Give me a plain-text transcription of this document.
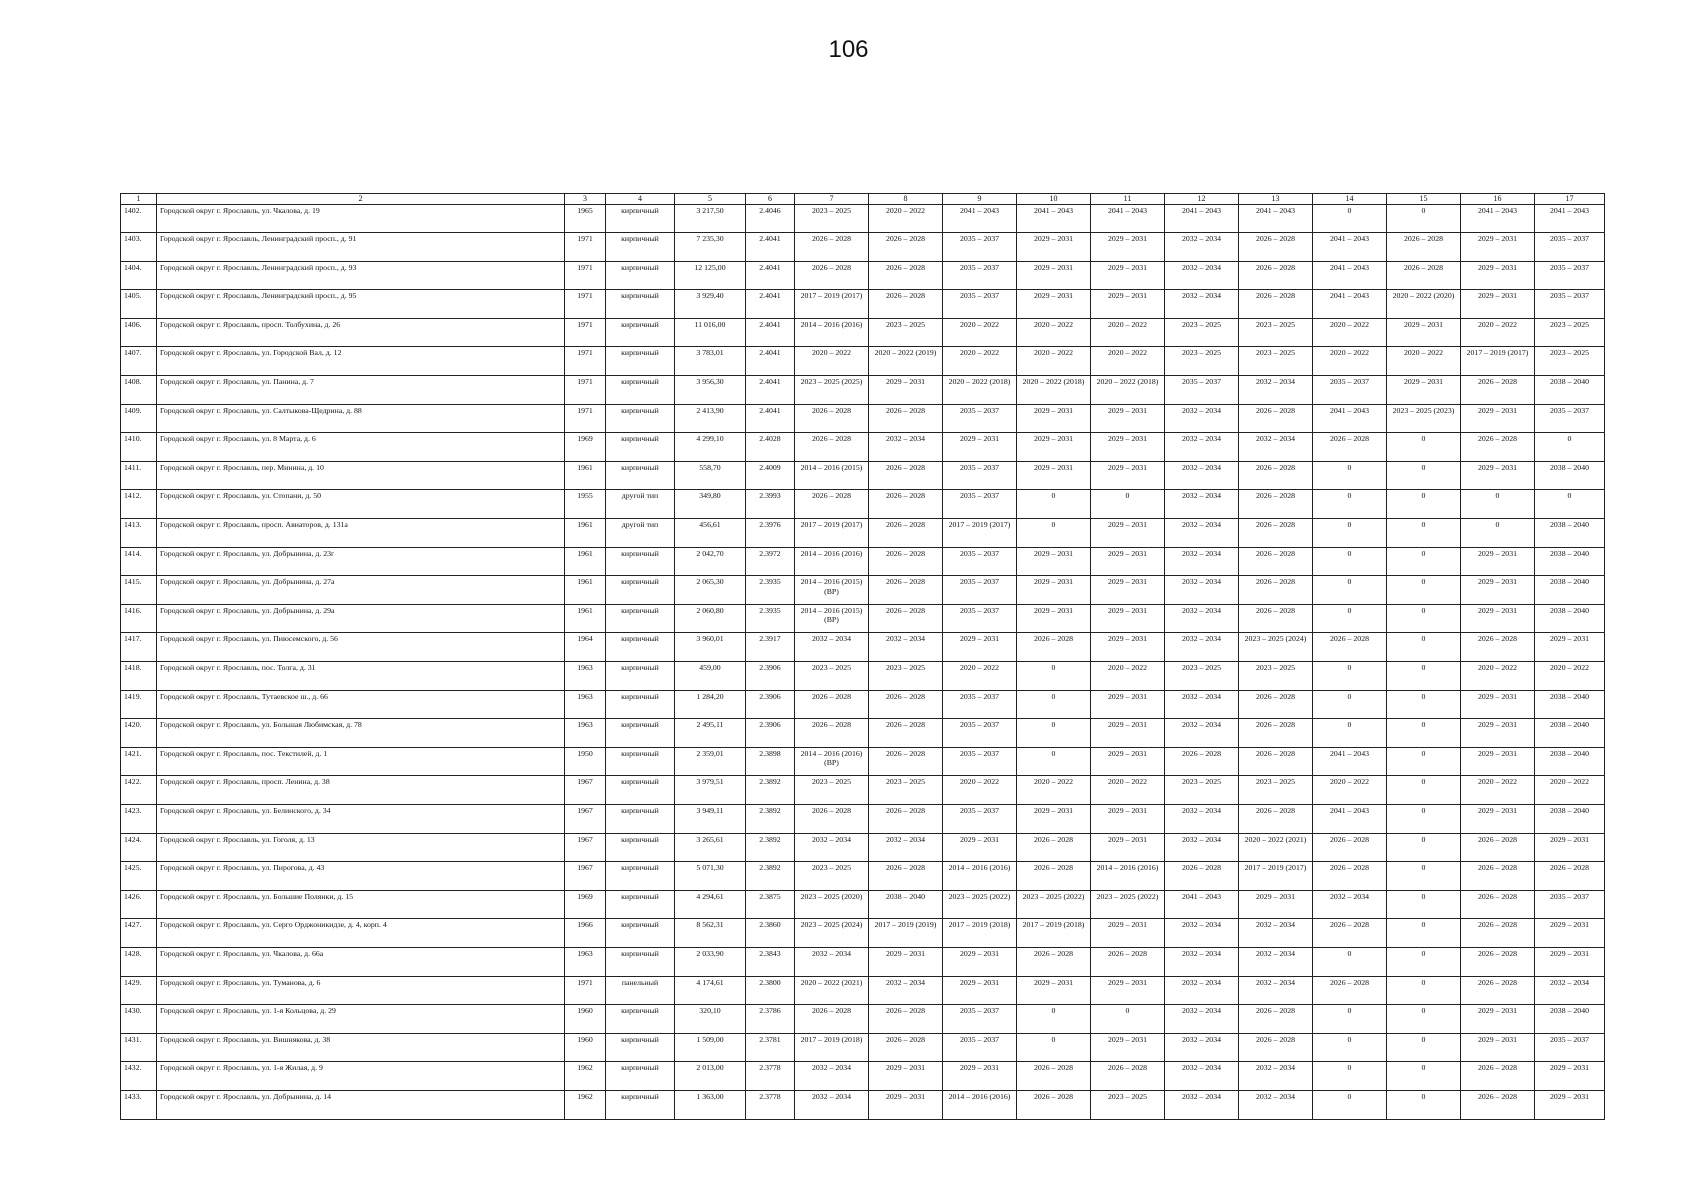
106
1	2	3	4	5	6	7	8	9	10	11	12	13	14	15	16	17
1402.	Городской округ г. Ярославль, ул. Чкалова, д. 19	1965	кирпичный	3 217,50	2.4046	2023 – 2025	2020 – 2022	2041 – 2043	2041 – 2043	2041 – 2043	2041 – 2043	2041 – 2043	0	0	2041 – 2043	2041 – 2043
1403.	Городской округ г. Ярославль, Ленинградский просп., д. 91	1971	кирпичный	7 235,30	2.4041	2026 – 2028	2026 – 2028	2035 – 2037	2029 – 2031	2029 – 2031	2032 – 2034	2026 – 2028	2041 – 2043	2026 – 2028	2029 – 2031	2035 – 2037
1404.	Городской округ г. Ярославль, Ленинградский просп., д. 93	1971	кирпичный	12 125,00	2.4041	2026 – 2028	2026 – 2028	2035 – 2037	2029 – 2031	2029 – 2031	2032 – 2034	2026 – 2028	2041 – 2043	2026 – 2028	2029 – 2031	2035 – 2037
1405.	Городской округ г. Ярославль, Ленинградский просп., д. 95	1971	кирпичный	3 929,40	2.4041	2017 – 2019 (2017)	2026 – 2028	2035 – 2037	2029 – 2031	2029 – 2031	2032 – 2034	2026 – 2028	2041 – 2043	2020 – 2022 (2020)	2029 – 2031	2035 – 2037
1406.	Городской округ г. Ярославль, просп. Толбухина, д. 26	1971	кирпичный	11 016,00	2.4041	2014 – 2016 (2016)	2023 – 2025	2020 – 2022	2020 – 2022	2020 – 2022	2023 – 2025	2023 – 2025	2020 – 2022	2029 – 2031	2020 – 2022	2023 – 2025
1407.	Городской округ г. Ярославль, ул. Городской Вал, д. 12	1971	кирпичный	3 783,01	2.4041	2020 – 2022	2020 – 2022 (2019)	2020 – 2022	2020 – 2022	2020 – 2022	2023 – 2025	2023 – 2025	2020 – 2022	2020 – 2022	2017 – 2019 (2017)	2023 – 2025
1408.	Городской округ г. Ярославль, ул. Панина, д. 7	1971	кирпичный	3 956,30	2.4041	2023 – 2025 (2025)	2029 – 2031	2020 – 2022 (2018)	2020 – 2022 (2018)	2020 – 2022 (2018)	2035 – 2037	2032 – 2034	2035 – 2037	2029 – 2031	2026 – 2028	2038 – 2040
1409.	Городской округ г. Ярославль, ул. Салтыкова-Щедрина, д. 88	1971	кирпичный	2 413,90	2.4041	2026 – 2028	2026 – 2028	2035 – 2037	2029 – 2031	2029 – 2031	2032 – 2034	2026 – 2028	2041 – 2043	2023 – 2025 (2023)	2029 – 2031	2035 – 2037
1410.	Городской округ г. Ярославль, ул. 8 Марта, д. 6	1969	кирпичный	4 299,10	2.4028	2026 – 2028	2032 – 2034	2029 – 2031	2029 – 2031	2029 – 2031	2032 – 2034	2032 – 2034	2026 – 2028	0	2026 – 2028	0
1411.	Городской округ г. Ярославль, пер. Минина, д. 10	1961	кирпичный	558,70	2.4009	2014 – 2016 (2015)	2026 – 2028	2035 – 2037	2029 – 2031	2029 – 2031	2032 – 2034	2026 – 2028	0	0	2029 – 2031	2038 – 2040
1412.	Городской округ г. Ярославль, ул. Стопани, д. 50	1955	другой тип	349,80	2.3993	2026 – 2028	2026 – 2028	2035 – 2037	0	0	2032 – 2034	2026 – 2028	0	0	0	0
1413.	Городской округ г. Ярославль, просп. Авиаторов, д. 131а	1961	другой тип	456,61	2.3976	2017 – 2019 (2017)	2026 – 2028	2017 – 2019 (2017)	0	2029 – 2031	2032 – 2034	2026 – 2028	0	0	0	2038 – 2040
1414.	Городской округ г. Ярославль, ул. Добрынина, д. 23г	1961	кирпичный	2 042,70	2.3972	2014 – 2016 (2016)	2026 – 2028	2035 – 2037	2029 – 2031	2029 – 2031	2032 – 2034	2026 – 2028	0	0	2029 – 2031	2038 – 2040
1415.	Городской округ г. Ярославль, ул. Добрынина, д. 27а	1961	кирпичный	2 065,30	2.3935	2014 – 2016 (2015) (ВР)	2026 – 2028	2035 – 2037	2029 – 2031	2029 – 2031	2032 – 2034	2026 – 2028	0	0	2029 – 2031	2038 – 2040
1416.	Городской округ г. Ярославль, ул. Добрынина, д. 29а	1961	кирпичный	2 060,80	2.3935	2014 – 2016 (2015) (ВР)	2026 – 2028	2035 – 2037	2029 – 2031	2029 – 2031	2032 – 2034	2026 – 2028	0	0	2029 – 2031	2038 – 2040
1417.	Городской округ г. Ярославль, ул. Пиюсемского, д. 56	1964	кирпичный	3 960,01	2.3917	2032 – 2034	2032 – 2034	2029 – 2031	2026 – 2028	2029 – 2031	2032 – 2034	2023 – 2025 (2024)	2026 – 2028	0	2026 – 2028	2029 – 2031
1418.	Городской округ г. Ярославль, пос. Толга, д. 31	1963	кирпичный	459,00	2.3906	2023 – 2025	2023 – 2025	2020 – 2022	0	2020 – 2022	2023 – 2025	2023 – 2025	0	0	2020 – 2022	2020 – 2022
1419.	Городской округ г. Ярославль, Тутаевское ш., д. 66	1963	кирпичный	1 284,20	2.3906	2026 – 2028	2026 – 2028	2035 – 2037	0	2029 – 2031	2032 – 2034	2026 – 2028	0	0	2029 – 2031	2038 – 2040
1420.	Городской округ г. Ярославль, ул. Большая Любимская, д. 78	1963	кирпичный	2 495,11	2.3906	2026 – 2028	2026 – 2028	2035 – 2037	0	2029 – 2031	2032 – 2034	2026 – 2028	0	0	2029 – 2031	2038 – 2040
1421.	Городской округ г. Ярославль, пос. Текстилей, д. 1	1950	кирпичный	2 359,01	2.3898	2014 – 2016 (2016) (ВР)	2026 – 2028	2035 – 2037	0	2029 – 2031	2026 – 2028	2026 – 2028	2041 – 2043	0	2029 – 2031	2038 – 2040
1422.	Городской округ г. Ярославль, просп. Ленина, д. 38	1967	кирпичный	3 979,51	2.3892	2023 – 2025	2023 – 2025	2020 – 2022	2020 – 2022	2020 – 2022	2023 – 2025	2023 – 2025	2020 – 2022	0	2020 – 2022	2020 – 2022
1423.	Городской округ г. Ярославль, ул. Белинского, д. 34	1967	кирпичный	3 949,11	2.3892	2026 – 2028	2026 – 2028	2035 – 2037	2029 – 2031	2029 – 2031	2032 – 2034	2026 – 2028	2041 – 2043	0	2029 – 2031	2038 – 2040
1424.	Городской округ г. Ярославль, ул. Гоголя, д. 13	1967	кирпичный	3 265,61	2.3892	2032 – 2034	2032 – 2034	2029 – 2031	2026 – 2028	2029 – 2031	2032 – 2034	2020 – 2022 (2021)	2026 – 2028	0	2026 – 2028	2029 – 2031
1425.	Городской округ г. Ярославль, ул. Пирогова, д. 43	1967	кирпичный	5 071,30	2.3892	2023 – 2025	2026 – 2028	2014 – 2016 (2016)	2026 – 2028	2014 – 2016 (2016)	2026 – 2028	2017 – 2019 (2017)	2026 – 2028	0	2026 – 2028	2026 – 2028
1426.	Городской округ г. Ярославль, ул. Большие Полянки, д. 15	1969	кирпичный	4 294,61	2.3875	2023 – 2025 (2020)	2038 – 2040	2023 – 2025 (2022)	2023 – 2025 (2022)	2023 – 2025 (2022)	2041 – 2043	2029 – 2031	2032 – 2034	0	2026 – 2028	2035 – 2037
1427.	Городской округ г. Ярославль, ул. Серго Орджоникидзе, д. 4, корп. 4	1966	кирпичный	8 562,31	2.3860	2023 – 2025 (2024)	2017 – 2019 (2019)	2017 – 2019 (2018)	2017 – 2019 (2018)	2029 – 2031	2032 – 2034	2032 – 2034	2026 – 2028	0	2026 – 2028	2029 – 2031
1428.	Городской округ г. Ярославль, ул. Чкалова, д. 66а	1963	кирпичный	2 033,90	2.3843	2032 – 2034	2029 – 2031	2029 – 2031	2026 – 2028	2026 – 2028	2032 – 2034	2032 – 2034	0	0	2026 – 2028	2029 – 2031
1429.	Городской округ г. Ярославль, ул. Туманова, д. 6	1971	панельный	4 174,61	2.3800	2020 – 2022 (2021)	2032 – 2034	2029 – 2031	2029 – 2031	2029 – 2031	2032 – 2034	2032 – 2034	2026 – 2028	0	2026 – 2028	2032 – 2034
1430.	Городской округ г. Ярославль, ул. 1-я Кольцова, д. 29	1960	кирпичный	320,10	2.3786	2026 – 2028	2026 – 2028	2035 – 2037	0	0	2032 – 2034	2026 – 2028	0	0	2029 – 2031	2038 – 2040
1431.	Городской округ г. Ярославль, ул. Вишнякова, д. 38	1960	кирпичный	1 509,00	2.3781	2017 – 2019 (2018)	2026 – 2028	2035 – 2037	0	2029 – 2031	2032 – 2034	2026 – 2028	0	0	2029 – 2031	2035 – 2037
1432.	Городской округ г. Ярославль, ул. 1-я Жилая, д. 9	1962	кирпичный	2 013,00	2.3778	2032 – 2034	2029 – 2031	2029 – 2031	2026 – 2028	2026 – 2028	2032 – 2034	2032 – 2034	0	0	2026 – 2028	2029 – 2031
1433.	Городской округ г. Ярославль, ул. Добрынина, д. 14	1962	кирпичный	1 363,00	2.3778	2032 – 2034	2029 – 2031	2014 – 2016 (2016)	2026 – 2028	2023 – 2025	2032 – 2034	2032 – 2034	0	0	2026 – 2028	2029 – 2031
